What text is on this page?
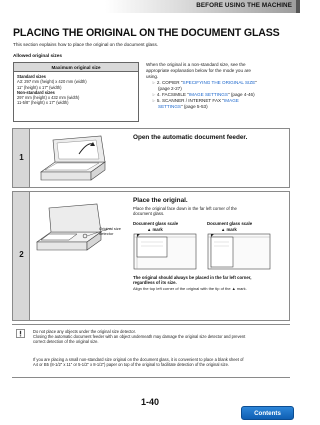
BEFORE USING THE MACHINE
PLACING THE ORIGINAL ON THE DOCUMENT GLASS
This section explains how to place the original on the document glass.
Allowed original sizes
Maximum original size
Standard sizes
A3: 297 mm (height) x 420 mm (width)
11" (height) x 17" (width)
Non-standard sizes
297 mm (height) x 432 mm (width)
11-5/8" (height) x 17" (width)
When the original is a non-standard size, see the
appropriate explanation below for the mode you are
using.
☞ 2. COPIER "SPECIFYING THE ORIGINAL SIZE"
(page 2-27)
☞ 4. FACSIMILE "IMAGE SETTINGS" (page 4-46)
☞ 5. SCANNER / INTERNET FAX "IMAGE
SETTINGS" (page 5-53)
1
Open the automatic document feeder.
2
Original size
detector
Place the original.
Place the original face down in the far left corner of the
document glass.
Document glass scale
▲ mark
Document glass scale
▲ mark
The original should always be placed in the far left corner,
regardless of its size.
Align the top left corner of the original with the tip of the ▲ mark.
Do not place any objects under the original size detector.
Closing the automatic document feeder with an object underneath may damage the original size detector and prevent
correct detection of the original size.
If you are placing a small non-standard size original on the document glass, it is convenient to place a blank sheet of
A4 or B5 (8-1/2" x 11" or 5-1/2" x 8-1/2") paper on top of the original to facilitate detection of the original size.
1-40
Contents
